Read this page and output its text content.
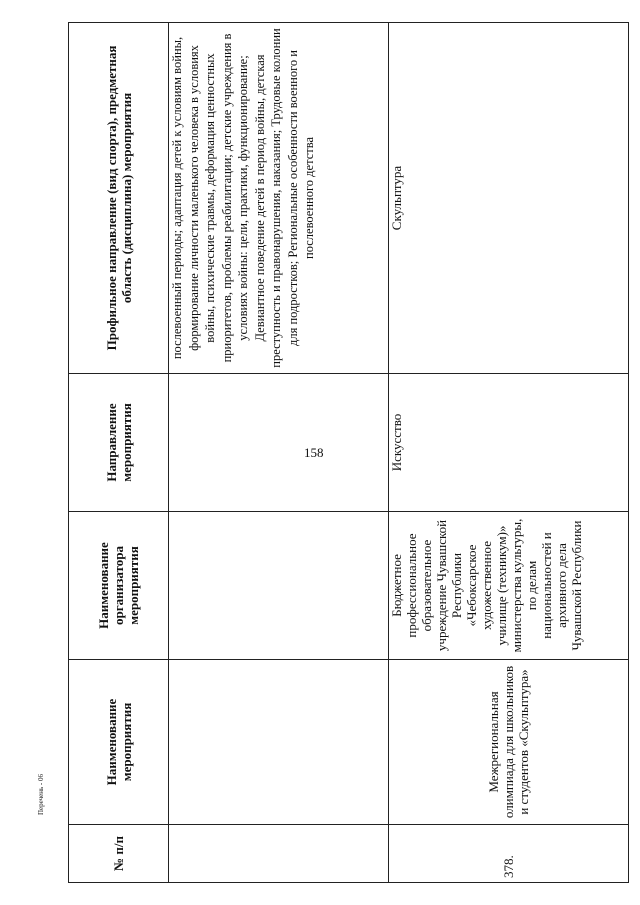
158
№ п/п	Наименование мероприятия	Наименование организатора мероприятия	Направление мероприятия	Профильное направление (вид спорта), предметная область (дисциплина) мероприятия
				послевоенный периоды; адаптация детей к условиям войны, формирование личности маленького человека в условиях войны, психические травмы, деформация ценностных приоритетов, проблемы реабилитации; детские учреждения в условиях войны: цели, практики, функционирование; Девиантное поведение детей в период войны, детская преступность и правонарушения, наказания; Трудовые колонии для подростков; Региональные особенности военного и послевоенного детства
378.	Межрегиональная олимпиада для школьников и студентов «Скульптура»	Бюджетное профессиональное образовательное учреждение Чувашской Республики «Чебоксарское художественное училище (техникум)» министерства культуры, по делам национальностей и архивного дела Чувашской Республики	Искусство	Скульптура
Перечень - 06
